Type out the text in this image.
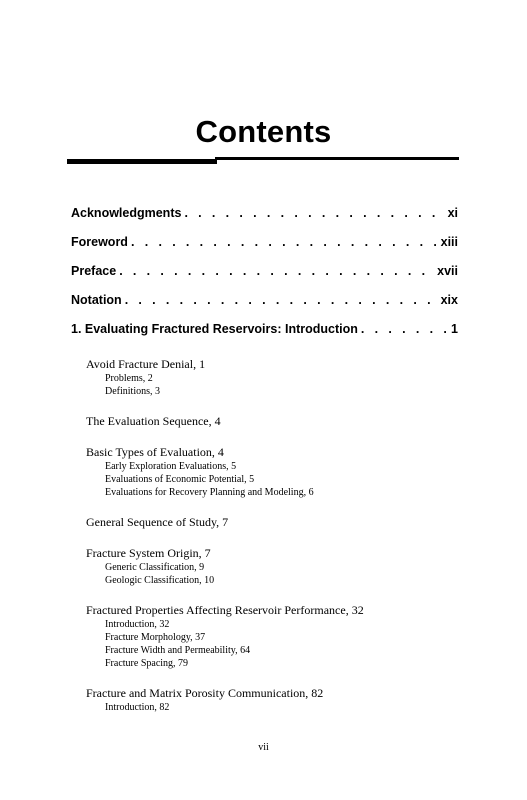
Contents
Acknowledgments . . .	xi
Foreword . . .	xiii
Preface . . .	xvii
Notation . . .	xix
1. Evaluating Fractured Reservoirs: Introduction . . .	1
Avoid Fracture Denial, 1
Problems, 2
Definitions, 3
The Evaluation Sequence, 4
Basic Types of Evaluation, 4
Early Exploration Evaluations, 5
Evaluations of Economic Potential, 5
Evaluations for Recovery Planning and Modeling, 6
General Sequence of Study, 7
Fracture System Origin, 7
Generic Classification, 9
Geologic Classification, 10
Fractured Properties Affecting Reservoir Performance, 32
Introduction, 32
Fracture Morphology, 37
Fracture Width and Permeability, 64
Fracture Spacing, 79
Fracture and Matrix Porosity Communication, 82
Introduction, 82
vii
